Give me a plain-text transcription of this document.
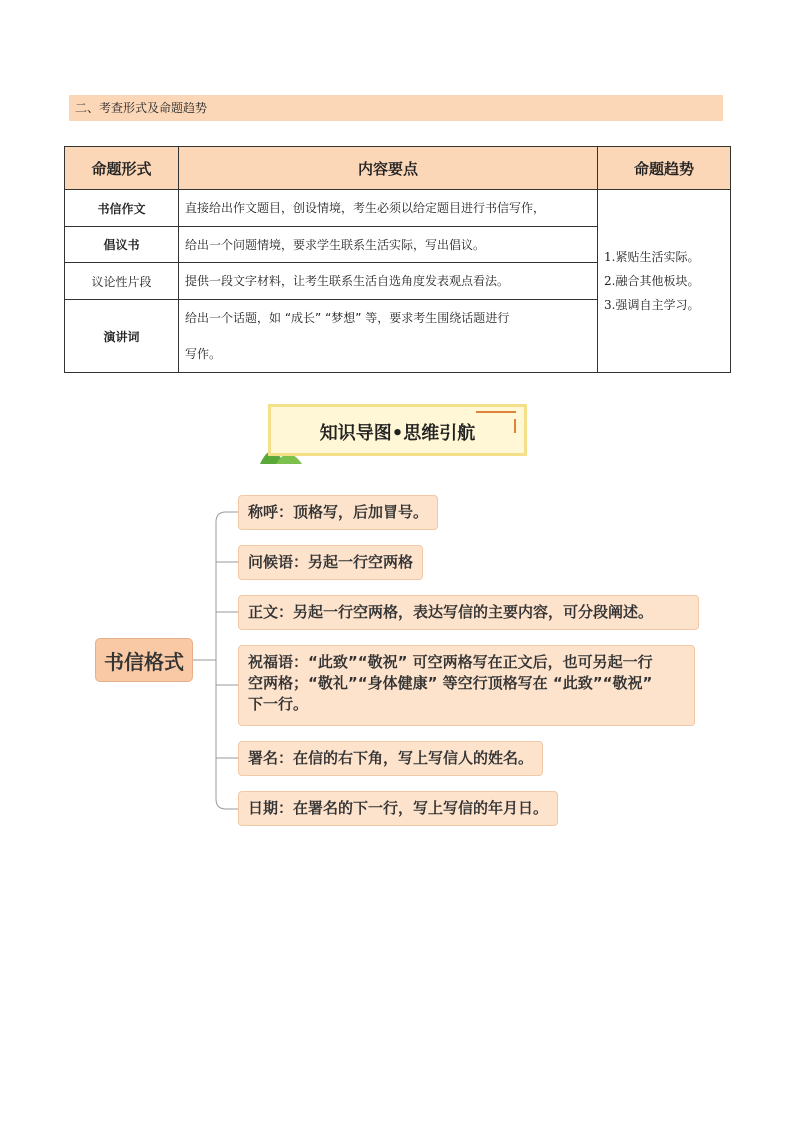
二、考查形式及命题趋势
命题形式	内容要点	命题趋势
书信作文	直接给出作文题目，创设情境，考生必须以给定题目进行书信写作，	1.紧贴生活实际。
2.融合其他板块。
3.强调自主学习。

倡议书	给出一个问题情境，要求学生联系生活实际，写出倡议。	
议论性片段	提供一段文字材料，让考生联系生活自选角度发表观点看法。	
演讲词	给出一个话题，如 “成长” “梦想” 等，要求考生围绕话题进行
写作。	
知识导图•思维引航
书信格式
称呼：顶格写，后加冒号。
问候语：另起一行空两格
正文：另起一行空两格，表达写信的主要内容，可分段阐述。
祝福语：“此致”“敬祝” 可空两格写在正文后，也可另起一行
空两格；“敬礼”“身体健康” 等空行顶格写在 “此致”“敬祝”
下一行。
署名：在信的右下角，写上写信人的姓名。
日期：在署名的下一行，写上写信的年月日。
